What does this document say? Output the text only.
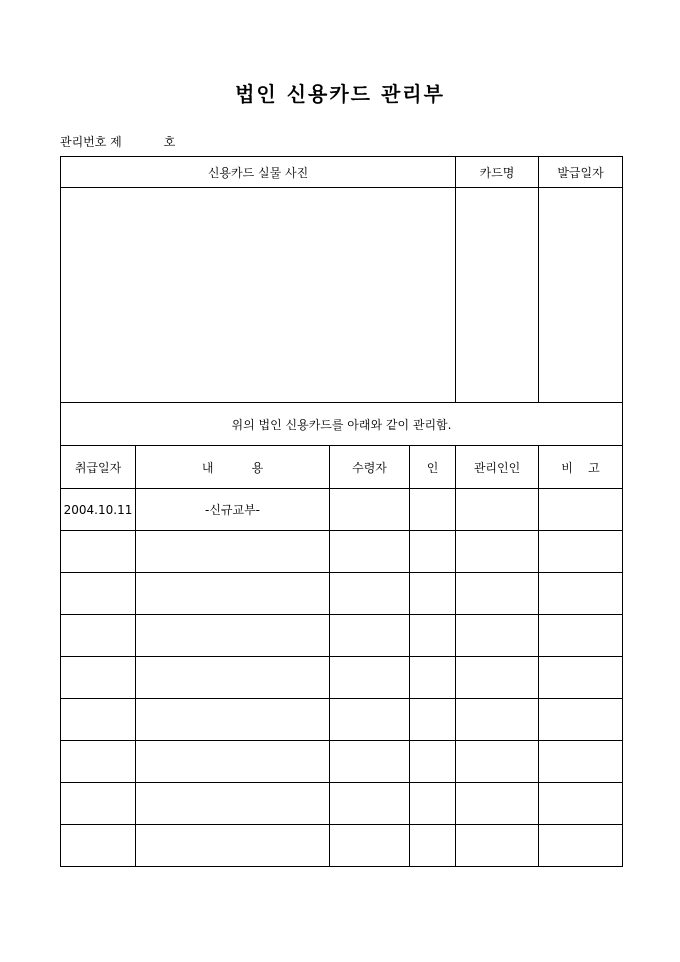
법인 신용카드 관리부
관리번호 제	호
신용카드 실물 사진				카드명	발급일자

위의 법인 신용카드를 아래와 같이 관리함.					
취급일자	내          용	수령자	인	관리인인	비    고
2004.10.11	-신규교부-				
